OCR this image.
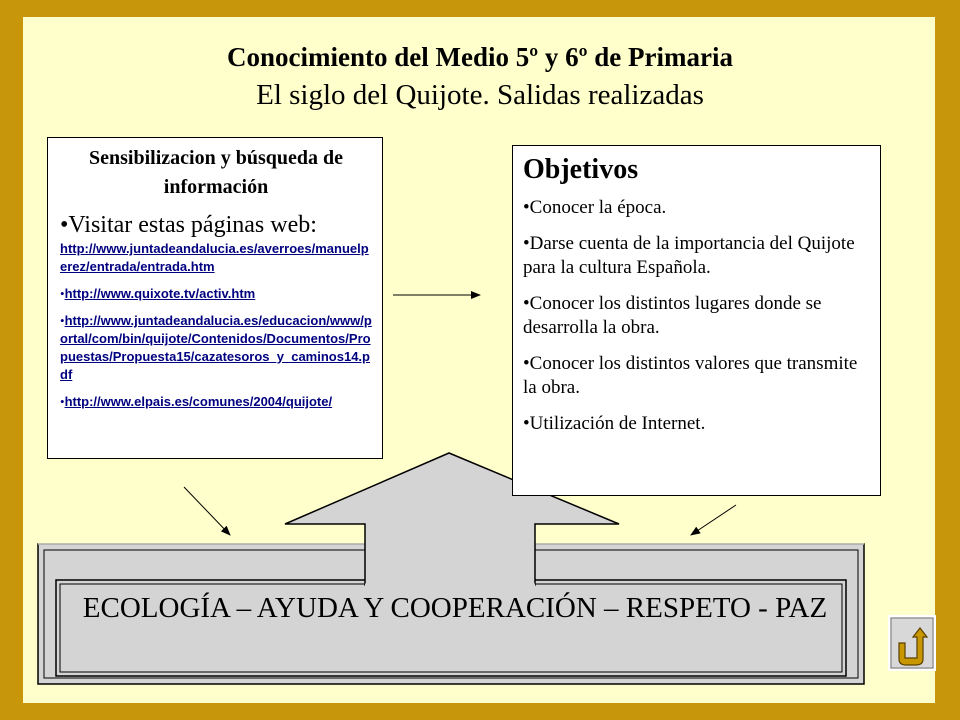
Conocimiento del Medio 5º y 6º de Primaria
El siglo del Quijote. Salidas realizadas
Sensibilizacion y búsqueda de información

•Visitar estas páginas web:

http://www.juntadeandalucia.es/averroes/manuelperez/entrada/entrada.htm
•http://www.quixote.tv/activ.htm
•http://www.juntadeandalucia.es/educacion/www/portal/com/bin/quijote/Contenidos/Documentos/Propuestas/Propuesta15/cazatesoros_y_caminos14.pdf
•http://www.elpais.es/comunes/2004/quijote/
Objetivos
•Conocer la época.
•Darse cuenta de la importancia del Quijote para la cultura Española.
•Conocer los distintos lugares donde se desarrolla la obra.
•Conocer los distintos valores que transmite la obra.
•Utilización de Internet.
ECOLOGÍA – AYUDA Y COOPERACIÓN – RESPETO - PAZ
